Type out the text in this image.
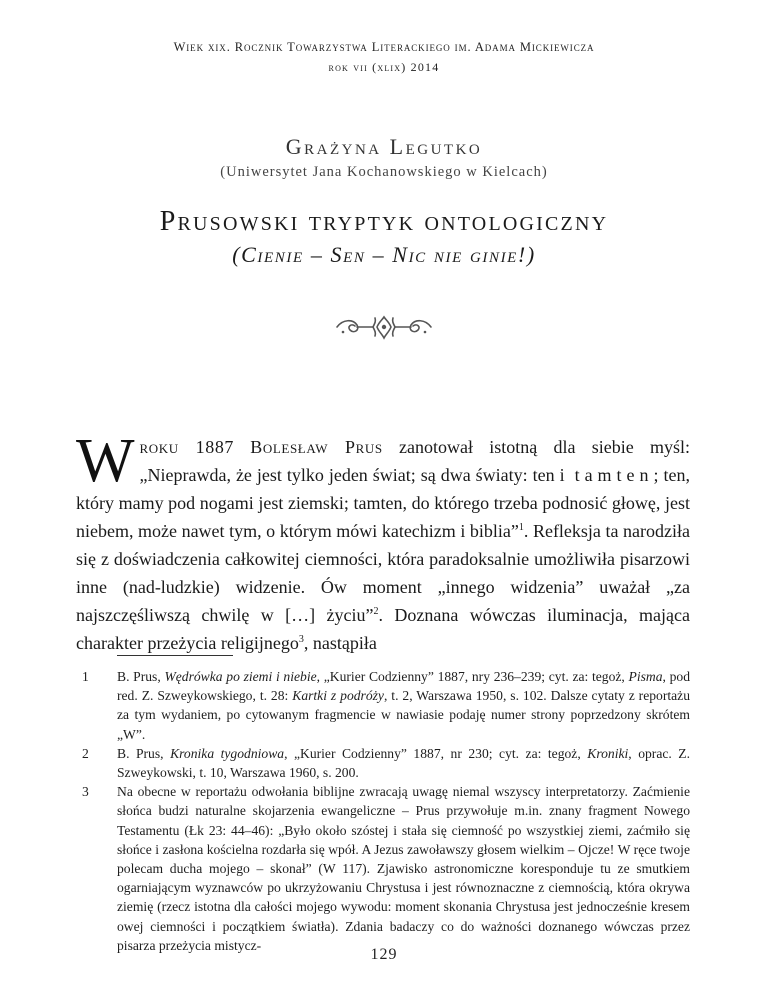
Wiek xix. Rocznik Towarzystwa Literackiego im. Adama Mickiewicza
rok vii (xlix) 2014
Grażyna Legutko
(Uniwersytet Jana Kochanowskiego w Kielcach)
Prusowski tryptyk ontologiczny
(Cienie – Sen – Nic nie ginie!)

Wroku 1887 Bolesław Prus zanotował istotną dla siebie myśl: „Nieprawda, że jest tylko jeden świat; są dwa światy: ten i tamten; ten, który mamy pod nogami jest ziemski; tamten, do którego trzeba podnosić głowę, jest niebem, może nawet tym, o którym mówi katechizm i biblia”$^1$. Refleksja ta narodziła się z doświadczenia całkowitej ciemności, która paradoksalnie umożliwiła pisarzowi inne (nad-ludzkie) widzenie. Ów moment „innego widzenia” uważał „za najszczęśliwszą chwilę w […] życiu”$^2$. Doznana wówczas iluminacja, mająca charakter przeżycia religijnego$^3$, nastąpiła

1 B. Prus, Wędrówka po ziemi i niebie, „Kurier Codzienny” 1887, nry 236–239; cyt. za: tegoż, Pisma, pod red. Z. Szweykowskiego, t. 28: Kartki z podróży, t. 2, Warszawa 1950, s. 102. Dalsze cytaty z reportażu za tym wydaniem, po cytowanym fragmencie w nawiasie podaję numer strony poprzedzony skrótem „W”.
2 B. Prus, Kronika tygodniowa, „Kurier Codzienny” 1887, nr 230; cyt. za: tegoż, Kroniki, oprac. Z. Szweykowski, t. 10, Warszawa 1960, s. 200.
3 Na obecne w reportażu odwołania biblijne zwracają uwagę niemal wszyscy interpretatorzy. Zaćmienie słońca budzi naturalne skojarzenia ewangeliczne – Prus przywołuje m.in. znany fragment Nowego Testamentu (Łk 23: 44–46): „Było około szóstej i stała się ciemność po wszystkiej ziemi, zaćmiło się słońce i zasłona kościelna rozdarła się wpół. A Jezus zawoławszy głosem wielkim – Ojcze! W ręce twoje polecam ducha mojego – skonał” (W 117). Zjawisko astronomiczne koresponduje tu ze smutkiem ogarniającym wyznawców po ukrzyżowaniu Chrystusa i jest równoznaczne z ciemnością, która okrywa ziemię (rzecz istotna dla całości mojego wywodu: moment skonania Chrystusa jest jednocześnie kresem owej ciemności i początkiem światła). Zdania badaczy co do ważności doznanego wówczas przez pisarza przeżycia mistycz-
129
